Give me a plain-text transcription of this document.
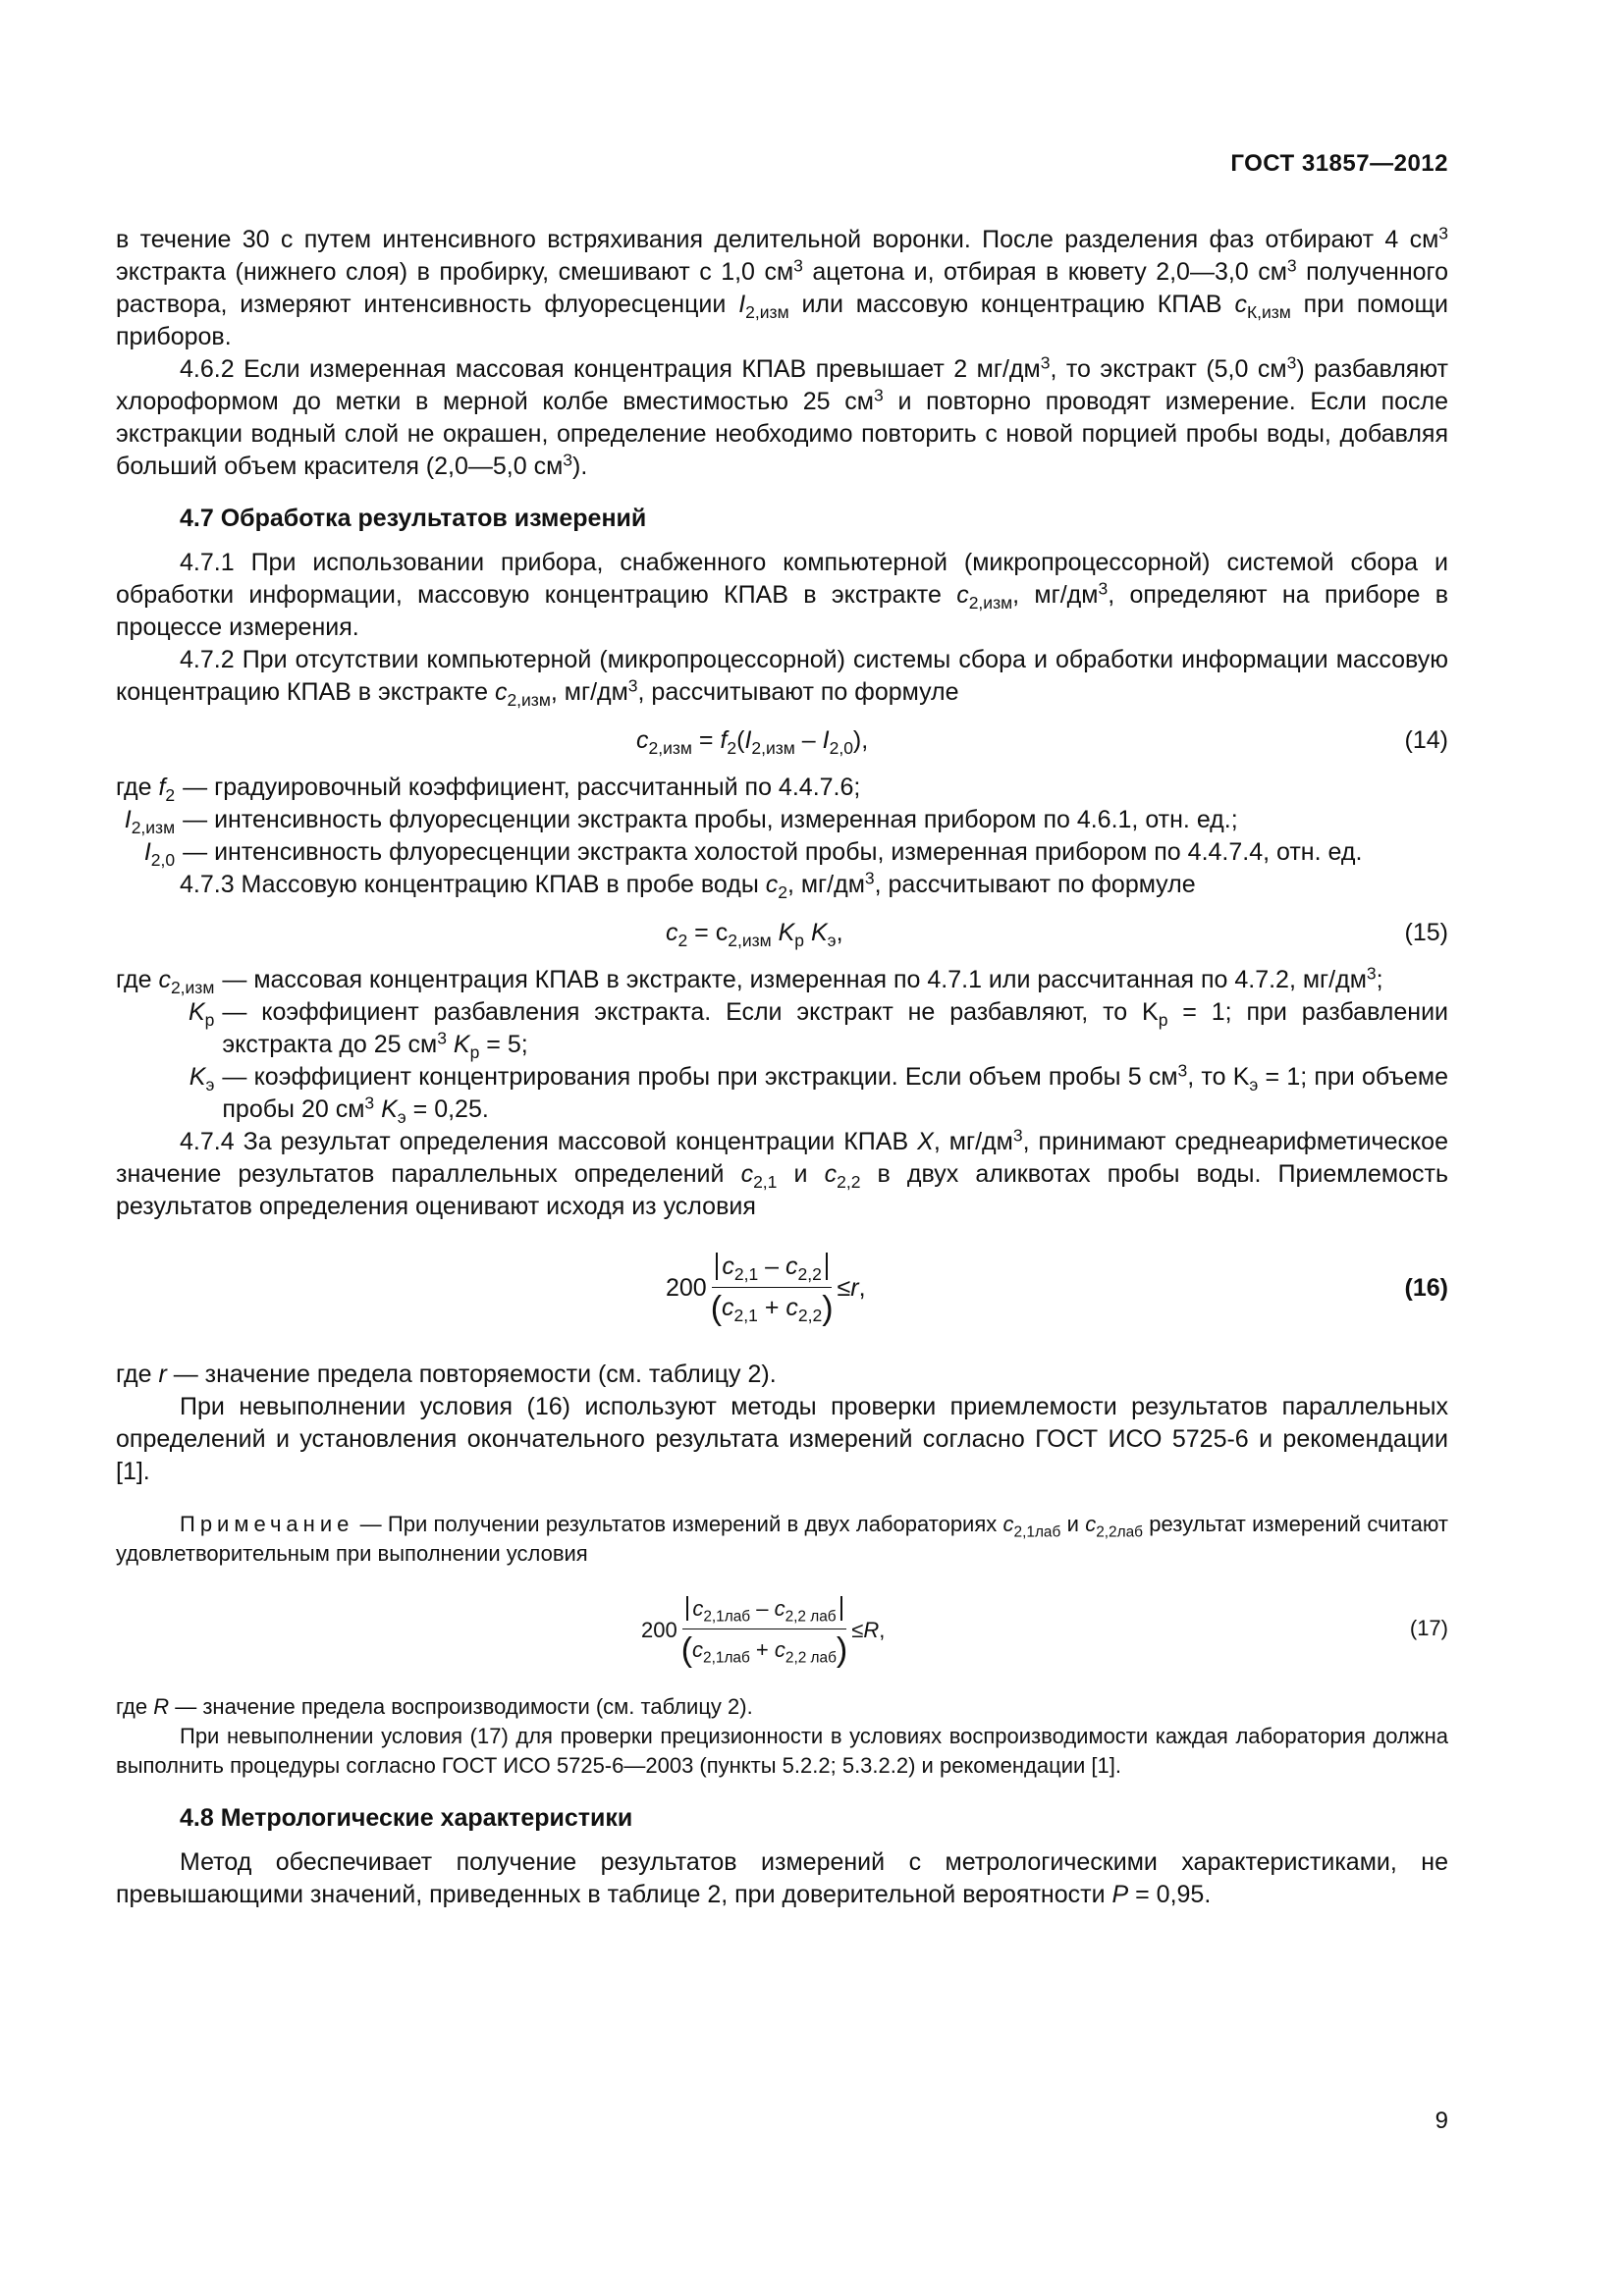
ГОСТ 31857—2012

в течение 30 с путем интенсивного встряхивания делительной воронки. После разделения фаз отбирают 4 $см^3$ экстракта (нижнего слоя) в пробирку, смешивают с 1,0 $см^3$ ацетона и, отбирая в кювету 2,0—3,0 $см^3$ полученного раствора, измеряют интенсивность флуоресценции $I_{2,изм}$ или массовую концентрацию КПАВ $c_{К,изм}$ при помощи приборов.

4.6.2 Если измеренная массовая концентрация КПАВ превышает 2 $мг/дм^3$, то экстракт (5,0 $см^3$) разбавляют хлороформом до метки в мерной колбе вместимостью 25 $см^3$ и повторно проводят измерение. Если после экстракции водный слой не окрашен, определение необходимо повторить с новой порцией пробы воды, добавляя больший объем красителя (2,0—5,0 $см^3$).

4.7 Обработка результатов измерений

4.7.1 При использовании прибора, снабженного компьютерной (микропроцессорной) системой сбора и обработки информации, массовую концентрацию КПАВ в экстракте $c_{2,изм}$, $мг/дм^3$, определяют на приборе в процессе измерения.

4.7.2 При отсутствии компьютерной (микропроцессорной) системы сбора и обработки информации массовую концентрацию КПАВ в экстракте $c_{2,изм}$, $мг/дм^3$, рассчитывают по формуле

$c_{2,изм} = f_2(I_{2,изм} - I_{2,0})$,	(14)
где $f_2$ — градуировочный коэффициент, рассчитанный по 4.4.7.6;
$I_{2,изм}$ — интенсивность флуоресценции экстракта пробы, измеренная прибором по 4.6.1, отн. ед.;
$I_{2,0}$ — интенсивность флуоресценции экстракта холостой пробы, измеренная прибором по 4.4.7.4, отн. ед.

4.7.3 Массовую концентрацию КПАВ в пробе воды $c_2$, $мг/дм^3$, рассчитывают по формуле

$c_2 = c_{2,изм}$ $K_р$ $K_э$,	(15)
где $c_{2,изм}$ — массовая концентрация КПАВ в экстракте, измеренная по 4.7.1 или рассчитанная по 4.7.2, $мг/дм^3$;
$K_р$ — коэффициент разбавления экстракта. Если экстракт не разбавляют, то $K_р = 1$; при разбавлении экстракта до 25 $см^3$ $K_р = 5$;
$K_э$ — коэффициент концентрирования пробы при экстракции. Если объем пробы 5 $см^3$, то $K_э = 1$; при объеме пробы 20 $см^3$ $K_э = 0,25$.

4.7.4 За результат определения массовой концентрации КПАВ X, $мг/дм^3$, принимают среднеарифметическое значение результатов параллельных определений $c_{2,1}$ и $c_{2,2}$ в двух аликвотах пробы воды. Приемлемость результатов определения оценивают исходя из условия

$200 \frac{c_{2,1} - c_{2,2}}{(c_{2,1} + c_{2,2})} \le r$ ,	(16)

где r — значение предела повторяемости (см. таблицу 2).

При невыполнении условия (16) используют методы проверки приемлемости результатов параллельных определений и установления окончательного результата измерений согласно ГОСТ ИСО 5725-6 и рекомендации [1].

Примечание — При получении результатов измерений в двух лабораториях $c_{2,1лаб}$ и $c_{2,2лаб}$ результат измерений считают удовлетворительным при выполнении условия

200
$c_{2,1лаб} - c_{2,2 лаб}$
$(c_{2,1лаб} + c_{2,2 лаб})$
≤ R ,	(17)

где R — значение предела воспроизводимости (см. таблицу 2).

При невыполнении условия (17) для проверки прецизионности в условиях воспроизводимости каждая лаборатория должна выполнить процедуры согласно ГОСТ ИСО 5725-6—2003 (пункты 5.2.2; 5.3.2.2) и рекомендации [1].

4.8 Метрологические характеристики

Метод обеспечивает получение результатов измерений с метрологическими характеристиками, не превышающими значений, приведенных в таблице 2, при доверительной вероятности P = 0,95.

9
